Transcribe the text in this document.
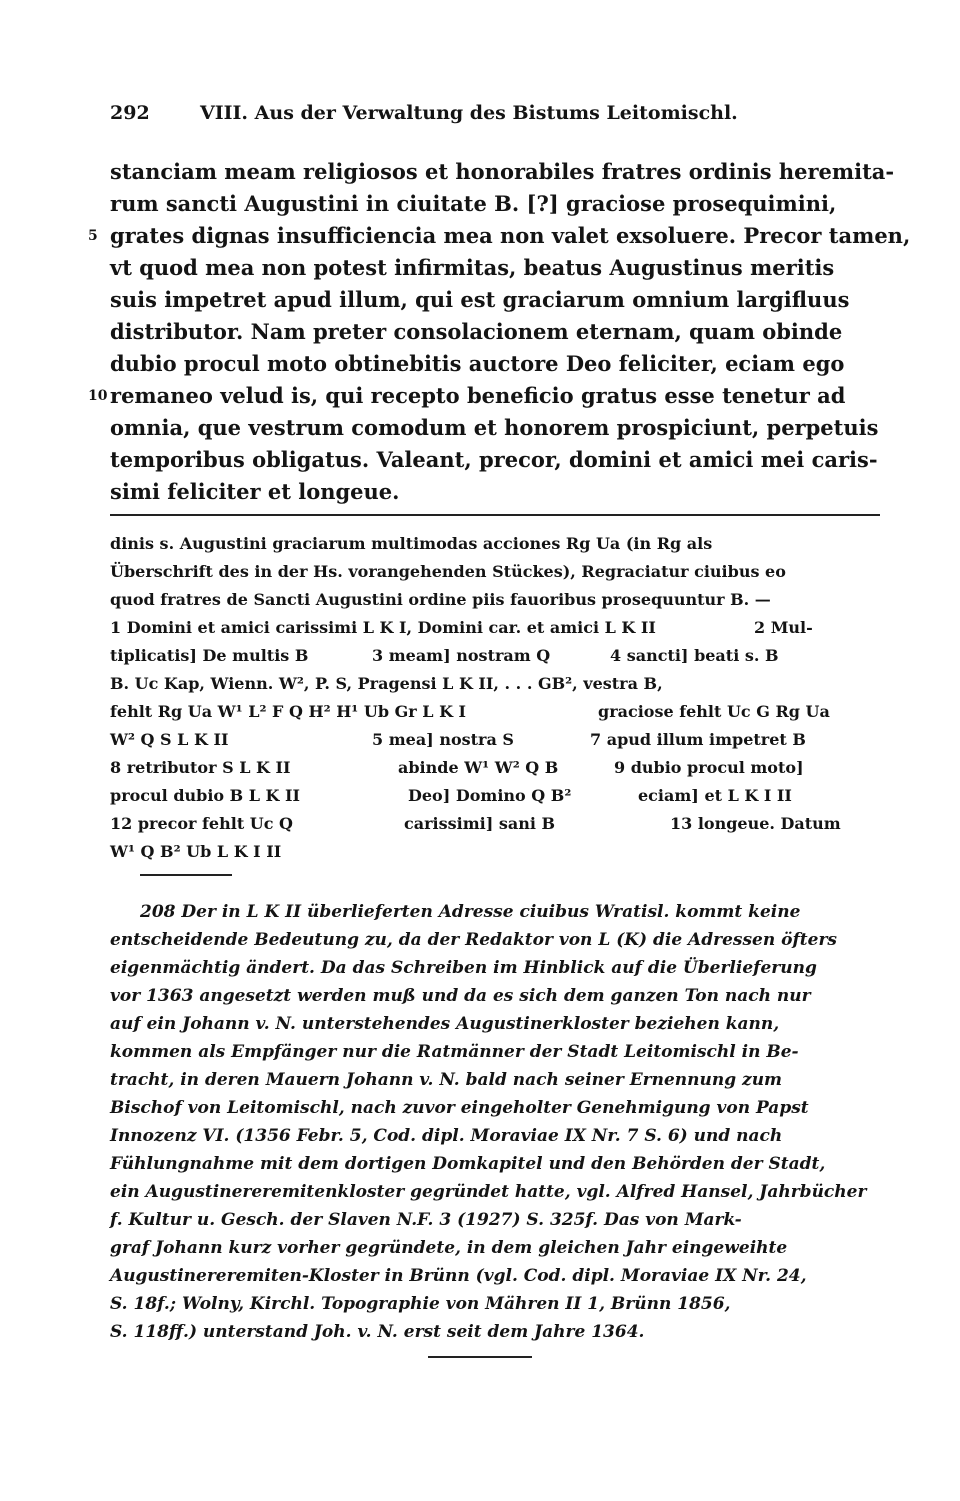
292	VIII. Aus der Verwaltung des Bistums Leitomischl.
stanciam meam religiosos et honorabiles fratres ordinis heremita-
rum sancti Augustini in ciuitate B. [?] graciose prosequimini,
5 grates dignas insufficiencia mea non valet exsoluere. Precor tamen,
vt quod mea non potest infirmitas, beatus Augustinus meritis
suis impetret apud illum, qui est graciarum omnium largifluus
distributor. Nam preter consolacionem eternam, quam obinde
dubio procul moto obtinebitis auctore Deo feliciter, eciam ego
10 remaneo velud is, qui recepto beneficio gratus esse tenetur ad
omnia, que vestrum comodum et honorem prospiciunt, perpetuis
temporibus obligatus. Valeant, precor, domini et amici mei caris-
simi feliciter et longeue.
dinis s. Augustini graciarum multimodas acciones Rg Ua (in Rg als
Überschrift des in der Hs. vorangehenden Stückes), Regraciatur ciuibus eo
quod fratres de Sancti Augustini ordine piis fauoribus prosequuntur B. —
1 Domini et amici carissimi L K I, Domini car. et amici L K II	2 Mul-
tiplicatis] De multis B	3 meam] nostram Q	4 sancti] beati s. B
B. Uc Kap, Wienn. W², P. S, Pragensi L K II, . . . GB², vestra B,
fehlt Rg Ua W¹ L² F Q H² H¹ Ub Gr L K I	graciose fehlt Uc G Rg Ua
W² Q S L K II	5 mea] nostra S	7 apud illum impetret B
8 retributor S L K II	abinde W¹ W² Q B	9 dubio procul moto]
procul dubio B L K II	Deo] Domino Q B²	eciam] et L K I II
12 precor fehlt Uc Q	carissimi] sani B	13 longeue. Datum
W¹ Q B² Ub L K I II
208 Der in L K II überlieferten Adresse ciuibus Wratisl. kommt keine
entscheidende Bedeutung zu, da der Redaktor von L (K) die Adressen öfters
eigenmächtig ändert. Da das Schreiben im Hinblick auf die Überlieferung
vor 1363 angesetzt werden muß und da es sich dem ganzen Ton nach nur
auf ein Johann v. N. unterstehendes Augustinerkloster beziehen kann,
kommen als Empfänger nur die Ratmänner der Stadt Leitomischl in Be-
tracht, in deren Mauern Johann v. N. bald nach seiner Ernennung zum
Bischof von Leitomischl, nach zuvor eingeholter Genehmigung von Papst
Innozenz VI. (1356 Febr. 5, Cod. dipl. Moraviae IX Nr. 7 S. 6) und nach
Fühlungnahme mit dem dortigen Domkapitel und den Behörden der Stadt,
ein Augustinereremitenkloster gegründet hatte, vgl. Alfred Hansel, Jahrbücher
f. Kultur u. Gesch. der Slaven N.F. 3 (1927) S. 325f. Das von Mark-
graf Johann kurz vorher gegründete, in dem gleichen Jahr eingeweihte
Augustinereremiten-Kloster in Brünn (vgl. Cod. dipl. Moraviae IX Nr. 24,
S. 18f.; Wolny, Kirchl. Topographie von Mähren II 1, Brünn 1856,
S. 118ff.) unterstand Joh. v. N. erst seit dem Jahre 1364.
